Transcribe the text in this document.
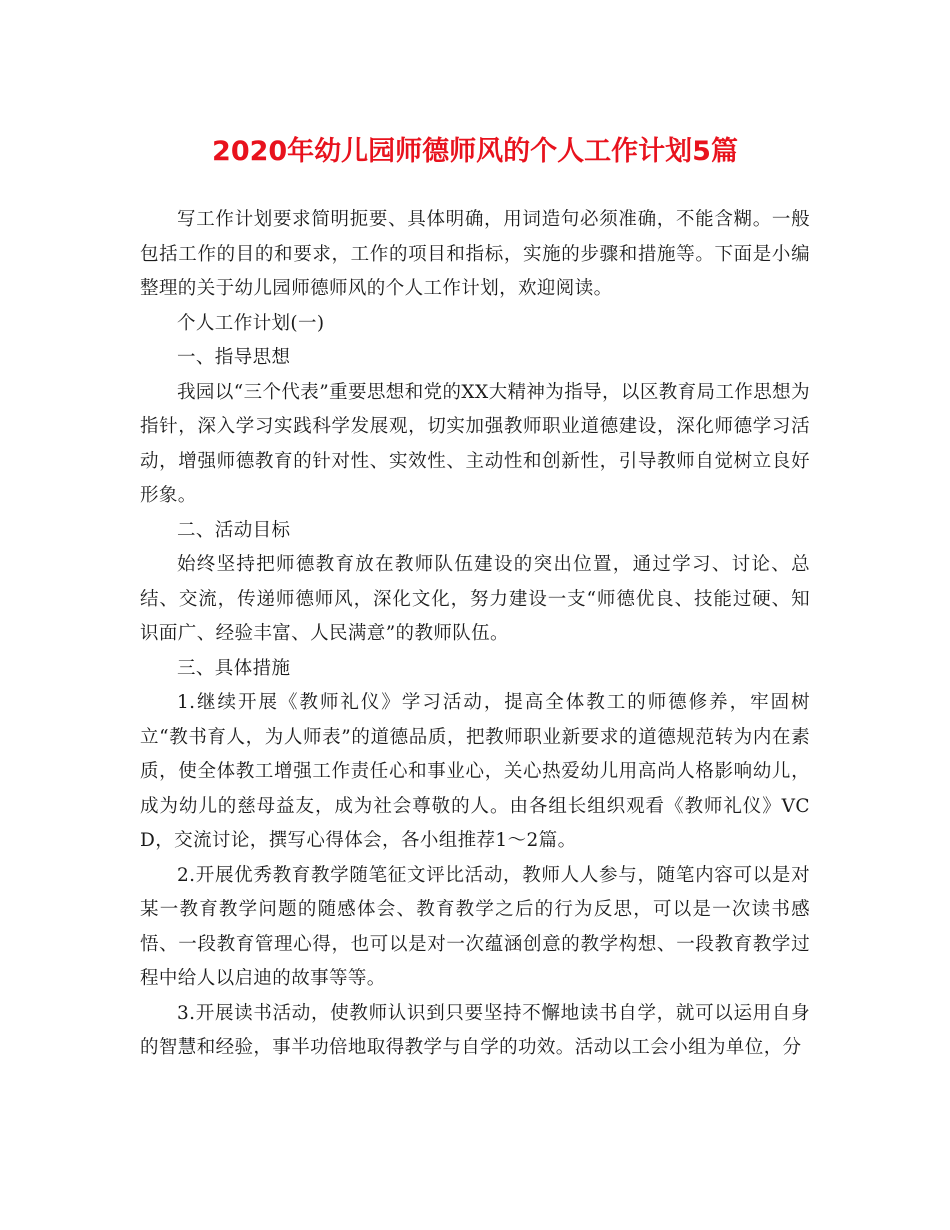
2020年幼儿园师德师风的个人工作计划5篇

写工作计划要求简明扼要、具体明确，用词造句必须准确，不能含糊。一般包括工作的目的和要求，工作的项目和指标，实施的步骤和措施等。下面是小编整理的关于幼儿园师德师风的个人工作计划，欢迎阅读。

个人工作计划(一)

一、指导思想

我园以“三个代表”重要思想和党的XX大精神为指导，以区教育局工作思想为指针，深入学习实践科学发展观，切实加强教师职业道德建设，深化师德学习活动，增强师德教育的针对性、实效性、主动性和创新性，引导教师自觉树立良好形象。

二、活动目标

始终坚持把师德教育放在教师队伍建设的突出位置，通过学习、讨论、总结、交流，传递师德师风，深化文化，努力建设一支“师德优良、技能过硬、知识面广、经验丰富、人民满意”的教师队伍。

三、具体措施

1.继续开展《教师礼仪》学习活动，提高全体教工的师德修养，牢固树立“教书育人，为人师表”的道德品质，把教师职业新要求的道德规范转为内在素质，使全体教工增强工作责任心和事业心，关心热爱幼儿用高尚人格影响幼儿，成为幼儿的慈母益友，成为社会尊敬的人。由各组长组织观看《教师礼仪》VCD，交流讨论，撰写心得体会，各小组推荐1～2篇。

2.开展优秀教育教学随笔征文评比活动，教师人人参与，随笔内容可以是对某一教育教学问题的随感体会、教育教学之后的行为反思，可以是一次读书感悟、一段教育管理心得，也可以是对一次蕴涵创意的教学构想、一段教育教学过程中给人以启迪的故事等等。

3.开展读书活动，使教师认识到只要坚持不懈地读书自学，就可以运用自身的智慧和经验，事半功倍地取得教学与自学的功效。活动以工会小组为单位，分
